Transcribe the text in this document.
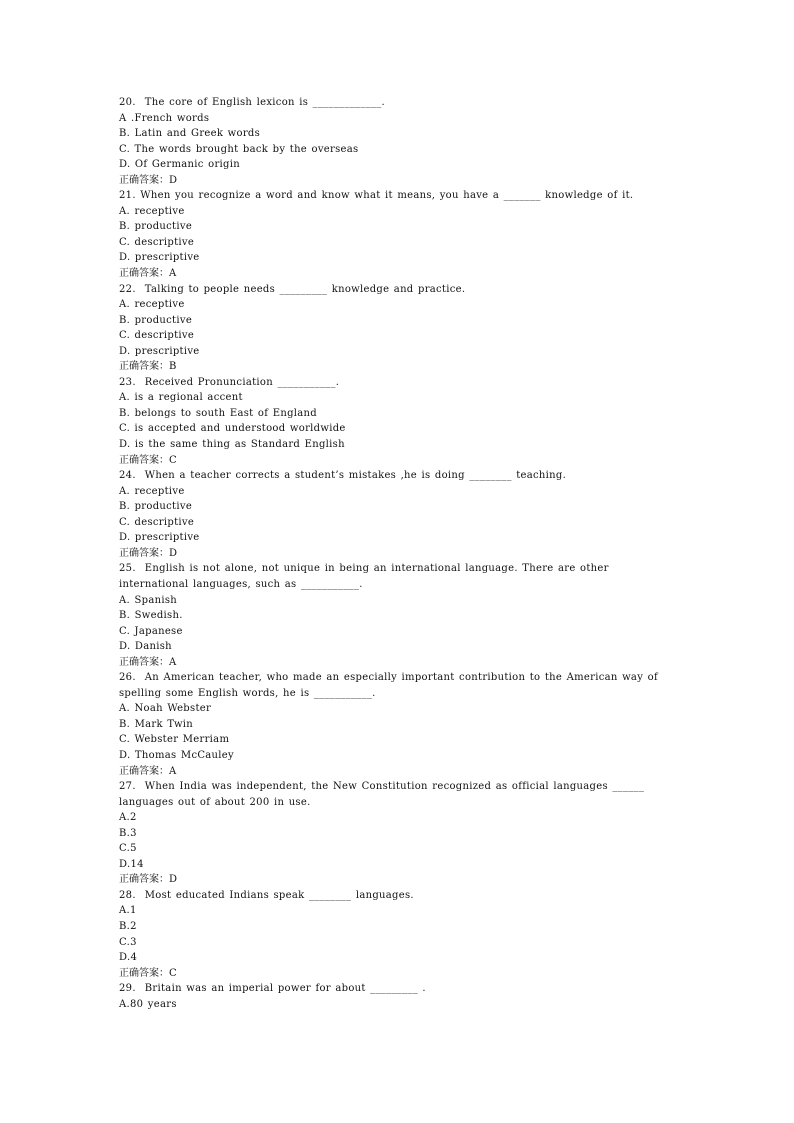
20.  The core of English lexicon is _____________.
A .French words
B. Latin and Greek words
C. The words brought back by the overseas
D. Of Germanic origin
正确答案：D
21. When you recognize a word and know what it means, you have a _______ knowledge of it.
A. receptive
B. productive
C. descriptive
D. prescriptive
正确答案：A
22.  Talking to people needs _________ knowledge and practice.
A. receptive
B. productive
C. descriptive
D. prescriptive
正确答案：B
23.  Received Pronunciation ___________.
A. is a regional accent
B. belongs to south East of England
C. is accepted and understood worldwide
D. is the same thing as Standard English
正确答案：C
24.  When a teacher corrects a student’s mistakes ,he is doing ________ teaching.
A. receptive
B. productive
C. descriptive
D. prescriptive
正确答案：D
25.  English is not alone, not unique in being an international language. There are other
international languages, such as ___________.
A. Spanish
B. Swedish.
C. Japanese
D. Danish
正确答案：A
26.  An American teacher, who made an especially important contribution to the American way of
spelling some English words, he is ___________.
A. Noah Webster
B. Mark Twin
C. Webster Merriam
D. Thomas McCauley
正确答案：A
27.  When India was independent, the New Constitution recognized as official languages ______
languages out of about 200 in use.
A.2
B.3
C.5
D.14
正确答案：D
28.  Most educated Indians speak ________ languages.
A.1
B.2
C.3
D.4
正确答案：C
29.  Britain was an imperial power for about _________ .
A.80 years
